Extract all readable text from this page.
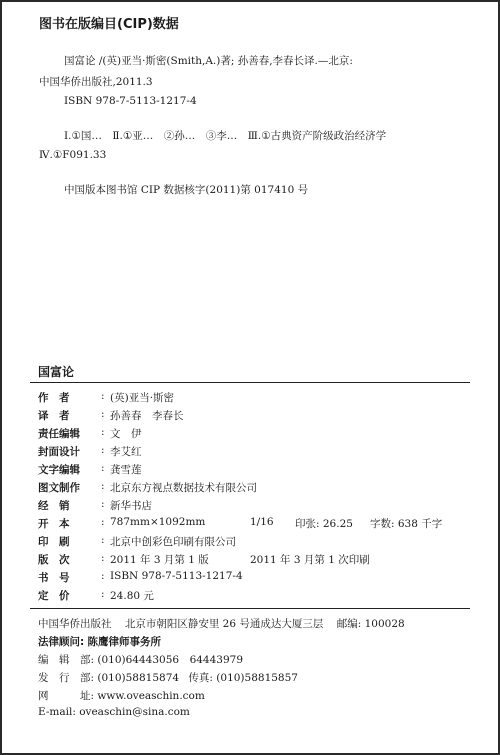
图书在版编目(CIP)数据
国富论 /(英)亚当·斯密(Smith,A.)著; 孙善春,李春长译.—北京:
中国华侨出版社,2011.3
ISBN 978-7-5113-1217-4
Ⅰ.①国…　Ⅱ.①亚…　②孙…　③李…　Ⅲ.①古典资产阶级政治经济学
Ⅳ.①F091.33
中国版本图书馆 CIP 数据核字(2011)第 017410 号
国富论
作　者	: (英)亚当·斯密
译　者	: 孙善春　李春长
责任编辑	: 文　伊
封面设计	: 李艾红
文字编辑	: 龚雪莲
图文制作	: 北京东方视点数据技术有限公司
经　销	: 新华书店
开　本	: 787mm×1092mm	1/16 印张: 26.25 字数: 638 千字
印　刷	: 北京中创彩色印刷有限公司
版　次	: 2011 年 3 月第 1 版	2011 年 3 月第 1 次印刷
书　号	: ISBN 978-7-5113-1217-4
定　价	: 24.80 元
中国华侨出版社 北京市朝阳区静安里 26 号通成达大厦三层 邮编: 100028
法律顾问: 陈鹰律师事务所
编　辑　部: (010)64443056　64443979
发　行　部: (010)58815874 传真: (010)58815857
网　　　址: www.oveaschin.com
E-mail: oveaschin@sina.com
